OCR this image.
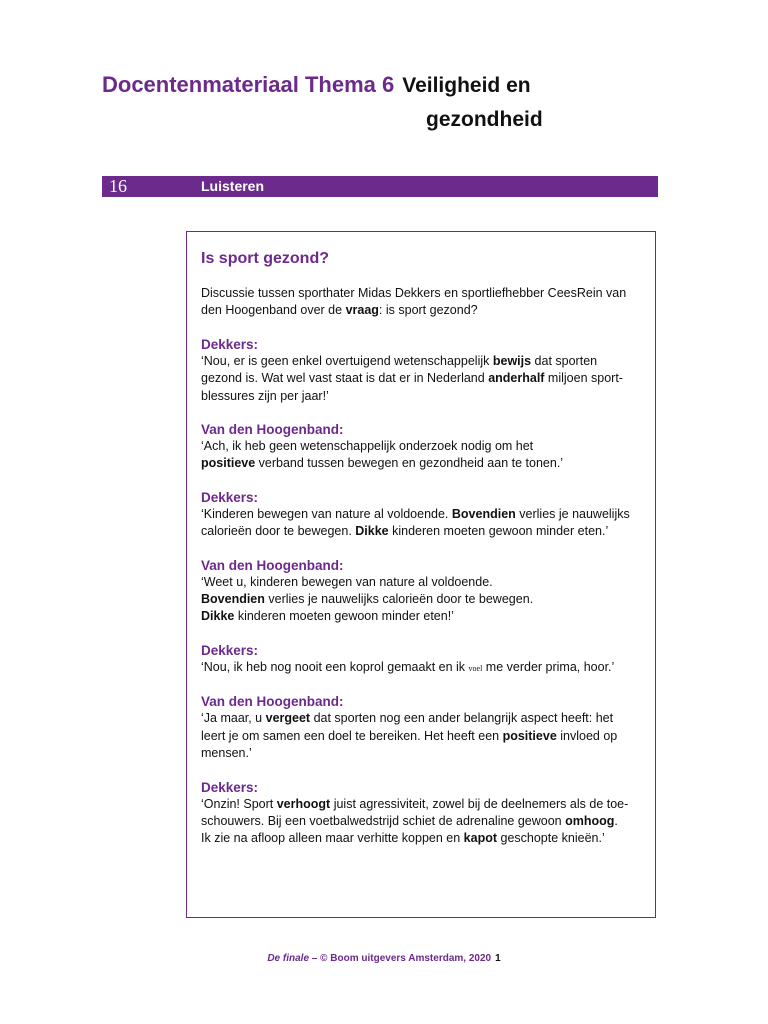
Docentenmateriaal Thema 6 Veiligheid en
gezondheid
16	Luisteren
Is sport gezond?
Discussie tussen sporthater Midas Dekkers en sportliefhebber CeesRein van
den Hoogenband over de vraag: is sport gezond?
Dekkers:
‘Nou, er is geen enkel overtuigend wetenschappelijk bewijs dat sporten
gezond is. Wat wel vast staat is dat er in Nederland anderhalf miljoen sport-
blessures zijn per jaar!’
Van den Hoogenband:
‘Ach, ik heb geen wetenschappelijk onderzoek nodig om het
positieve verband tussen bewegen en gezondheid aan te tonen.’
Dekkers:
‘Kinderen bewegen van nature al voldoende. Bovendien verlies je nauwelijks
calorieën door te bewegen. Dikke kinderen moeten gewoon minder eten.’
Van den Hoogenband:
‘Weet u, kinderen bewegen van nature al voldoende.
Bovendien verlies je nauwelijks calorieën door te bewegen.
Dikke kinderen moeten gewoon minder eten!’
Dekkers:
‘Nou, ik heb nog nooit een koprol gemaakt en ik voel me verder prima, hoor.’
Van den Hoogenband:
‘Ja maar, u vergeet dat sporten nog een ander belangrijk aspect heeft: het
leert je om samen een doel te bereiken. Het heeft een positieve invloed op
mensen.’
Dekkers:
‘Onzin! Sport verhoogt juist agressiviteit, zowel bij de deelnemers als de toe-
schouwers. Bij een voetbalwedstrijd schiet de adrenaline gewoon omhoog.
Ik zie na afloop alleen maar verhitte koppen en kapot geschopte knieën.’
De finale – © Boom uitgevers Amsterdam, 2020 1
